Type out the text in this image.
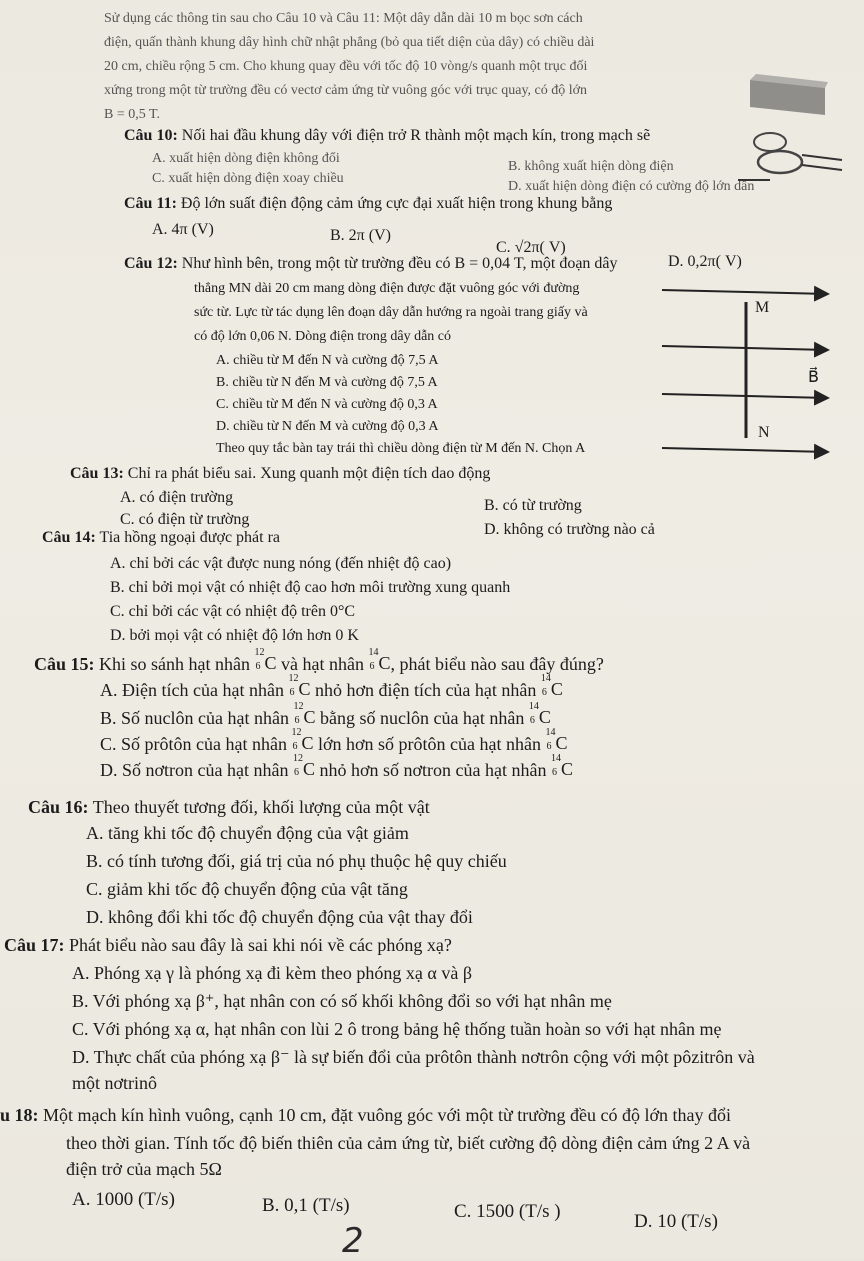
Sử dụng các thông tin sau cho Câu 10 và Câu 11: Một dây dẫn dài 10 m bọc sơn cách
điện, quấn thành khung dây hình chữ nhật phẳng (bỏ qua tiết diện của dây) có chiều dài
20 cm, chiều rộng 5 cm. Cho khung quay đều với tốc độ 10 vòng/s quanh một trục đối
xứng trong một từ trường đều có vectơ cảm ứng từ vuông góc với trục quay, có độ lớn
B = 0,5 T.
Câu 10: Nối hai đầu khung dây với điện trở R thành một mạch kín, trong mạch sẽ
A. xuất hiện dòng điện không đổi
B. không xuất hiện dòng điện
C. xuất hiện dòng điện xoay chiều
D. xuất hiện dòng điện có cường độ lớn dần
Câu 11: Độ lớn suất điện động cảm ứng cực đại xuất hiện trong khung bằng
A. 4π (V)	B. 2π (V)
C. √2π( V)
D. 0,2π( V)
Câu 12: Như hình bên, trong một từ trường đều có B = 0,04 T, một đoạn dây
thẳng MN dài 20 cm mang dòng điện được đặt vuông góc với đường
sức từ. Lực từ tác dụng lên đoạn dây dẫn hướng ra ngoài trang giấy và
có độ lớn 0,06 N. Dòng điện trong dây dẫn có
A. chiều từ M đến N và cường độ 7,5 A
B. chiều từ N đến M và cường độ 7,5 A
C. chiều từ M đến N và cường độ 0,3 A
D. chiều từ N đến M và cường độ 0,3 A
Theo quy tắc bàn tay trái thì chiều dòng điện từ M đến N. Chọn A
M
B⃗
N
Câu 13: Chỉ ra phát biểu sai. Xung quanh một điện tích dao động
A. có điện trường	B. có từ trường
C. có điện từ trường
D. không có trường nào cả
Câu 14: Tia hồng ngoại được phát ra
A. chỉ bởi các vật được nung nóng (đến nhiệt độ cao)
B. chỉ bởi mọi vật có nhiệt độ cao hơn môi trường xung quanh
C. chỉ bởi các vật có nhiệt độ trên 0°C
D. bởi mọi vật có nhiệt độ lớn hơn 0 K
Câu 15: Khi so sánh hạt nhân
12
6 C và hạt nhân
14
6 C , phát biểu nào sau đây đúng?
A. Điện tích của hạt nhân
12
6 C nhỏ hơn điện tích của hạt nhân
14
6 C
B. Số nuclôn của hạt nhân
12
6 C bằng số nuclôn của hạt nhân
14
6 C
C. Số prôtôn của hạt nhân
12
6 C lớn hơn số prôtôn của hạt nhân
14
6 C
D. Số nơtron của hạt nhân
12
6 C nhỏ hơn số nơtron của hạt nhân
14
6 C
Câu 16: Theo thuyết tương đối, khối lượng của một vật
A. tăng khi tốc độ chuyển động của vật giảm
B. có tính tương đối, giá trị của nó phụ thuộc hệ quy chiếu
C. giảm khi tốc độ chuyển động của vật tăng
D. không đổi khi tốc độ chuyển động của vật thay đổi
Câu 17: Phát biểu nào sau đây là sai khi nói về các phóng xạ?
A. Phóng xạ γ là phóng xạ đi kèm theo phóng xạ α và β
B. Với phóng xạ β⁺, hạt nhân con có số khối không đổi so với hạt nhân mẹ
C. Với phóng xạ α, hạt nhân con lùi 2 ô trong bảng hệ thống tuần hoàn so với hạt nhân mẹ
D. Thực chất của phóng xạ β⁻ là sự biến đổi của prôtôn thành nơtrôn cộng với một pôzitrôn và
một nơtrinô
u 18: Một mạch kín hình vuông, cạnh 10 cm, đặt vuông góc với một từ trường đều có độ lớn thay đổi
theo thời gian. Tính tốc độ biến thiên của cảm ứng từ, biết cường độ dòng điện cảm ứng 2 A và
điện trở của mạch 5Ω
A. 1000 (T/s)	B. 0,1 (T/s)	C. 1500 (T/s )	D. 10 (T/s)
2
